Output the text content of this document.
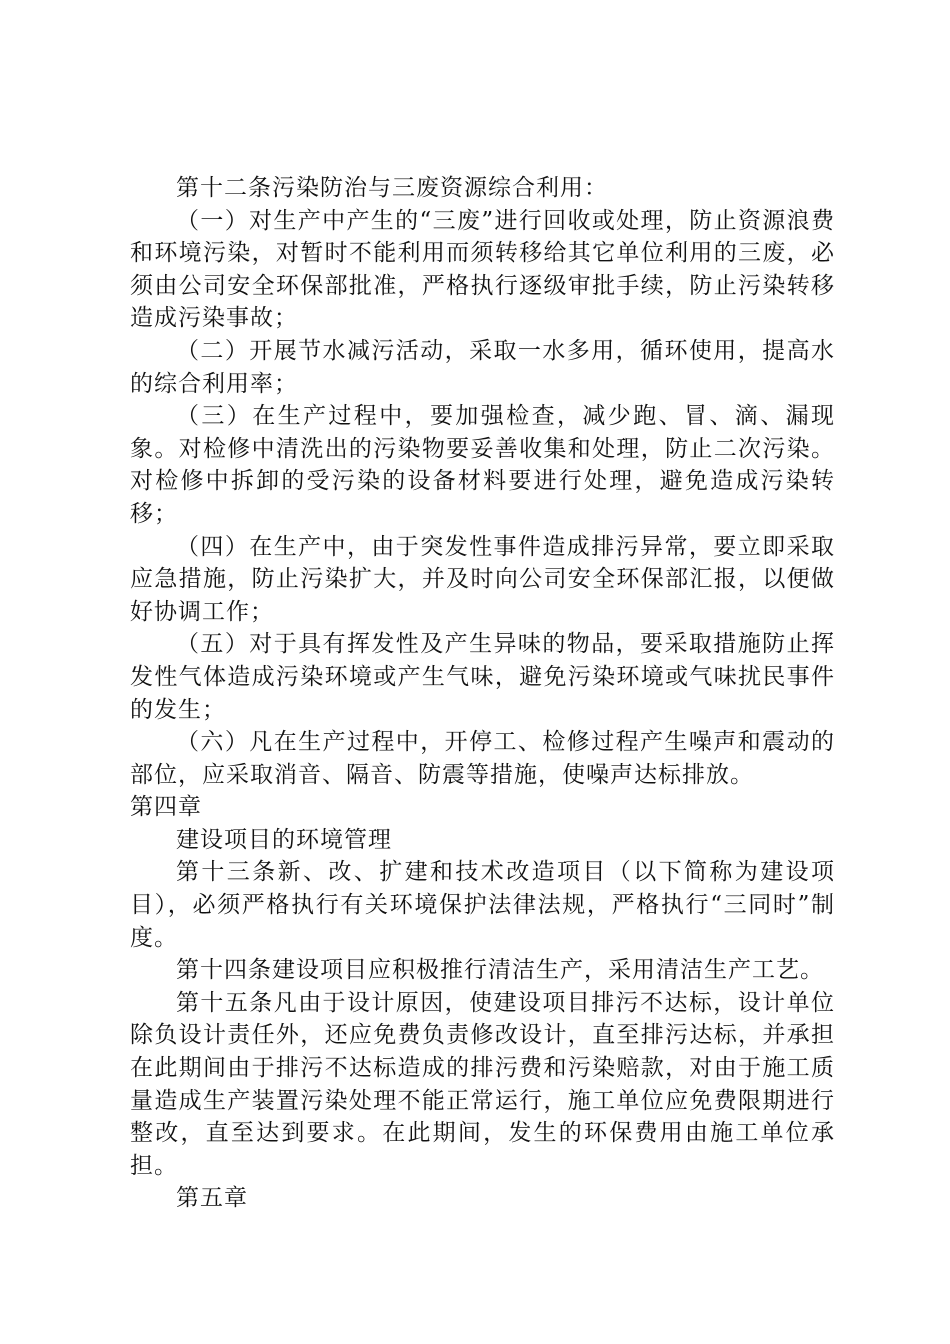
第十二条污染防治与三废资源综合利用：

（一）对生产中产生的“三废”进行回收或处理，防止资源浪费和环境污染，对暂时不能利用而须转移给其它单位利用的三废，必须由公司安全环保部批准，严格执行逐级审批手续，防止污染转移造成污染事故；

（二）开展节水减污活动，采取一水多用，循环使用，提高水的综合利用率；

（三）在生产过程中，要加强检查，减少跑、冒、滴、漏现象。对检修中清洗出的污染物要妥善收集和处理，防止二次污染。对检修中拆卸的受污染的设备材料要进行处理，避免造成污染转移；

（四）在生产中，由于突发性事件造成排污异常，要立即采取应急措施，防止污染扩大，并及时向公司安全环保部汇报，以便做好协调工作；

（五）对于具有挥发性及产生异味的物品，要采取措施防止挥发性气体造成污染环境或产生气味，避免污染环境或气味扰民事件的发生；

（六）凡在生产过程中，开停工、检修过程产生噪声和震动的部位，应采取消音、隔音、防震等措施，使噪声达标排放。

第四章

建设项目的环境管理

第十三条新、改、扩建和技术改造项目（以下简称为建设项目），必须严格执行有关环境保护法律法规，严格执行“三同时”制度。

第十四条建设项目应积极推行清洁生产，采用清洁生产工艺。

第十五条凡由于设计原因，使建设项目排污不达标，设计单位除负设计责任外，还应免费负责修改设计，直至排污达标，并承担在此期间由于排污不达标造成的排污费和污染赔款，对由于施工质量造成生产装置污染处理不能正常运行，施工单位应免费限期进行整改，直至达到要求。在此期间，发生的环保费用由施工单位承担。

第五章
